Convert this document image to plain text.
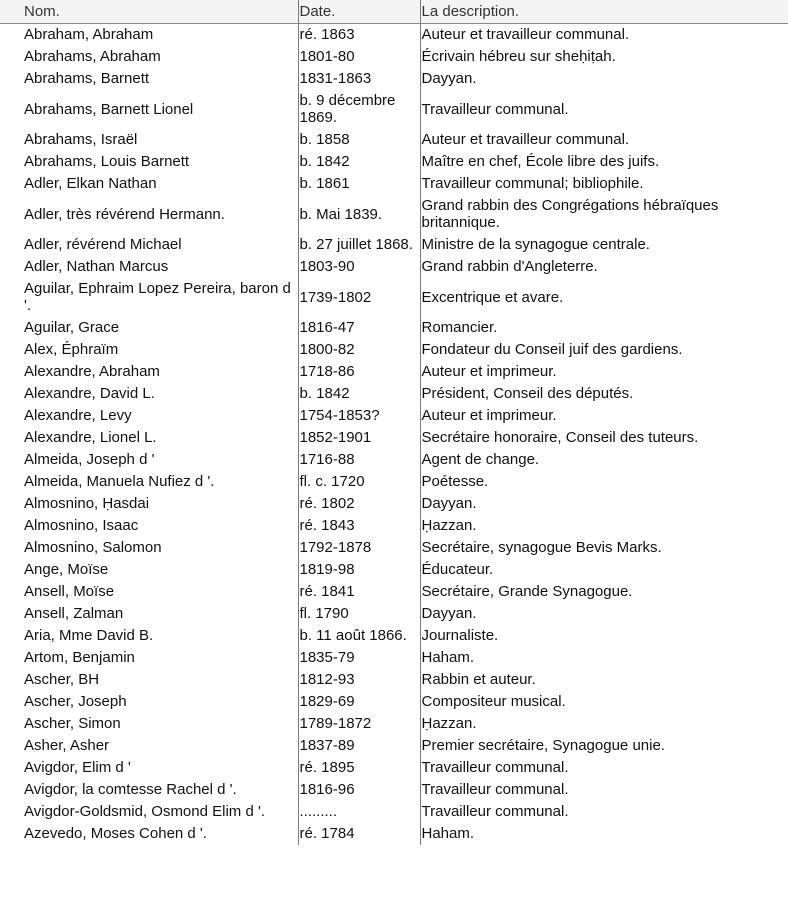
Nom.	Date.	La description.
Abraham, Abraham	ré. 1863	Auteur et travailleur communal.
Abrahams, Abraham	1801-80	Écrivain hébreu sur sheḥiṭah.
Abrahams, Barnett	1831-1863	Dayyan.
Abrahams, Barnett Lionel	b. 9 décembre 1869.	Travailleur communal.
Abrahams, Israël	b. 1858	Auteur et travailleur communal.
Abrahams, Louis Barnett	b. 1842	Maître en chef, École libre des juifs.
Adler, Elkan Nathan	b. 1861	Travailleur communal; bibliophile.
Adler, très révérend Hermann.	b. Mai 1839.	Grand rabbin des Congrégations hébraïques britannique.
Adler, révérend Michael	b. 27 juillet 1868.	Ministre de la synagogue centrale.
Adler, Nathan Marcus	1803-90	Grand rabbin d'Angleterre.
Aguilar, Ephraim Lopez Pereira, baron d '.	1739-1802	Excentrique et avare.
Aguilar, Grace	1816-47	Romancier.
Alex, Éphraïm	1800-82	Fondateur du Conseil juif des gardiens.
Alexandre, Abraham	1718-86	Auteur et imprimeur.
Alexandre, David L.	b. 1842	Président, Conseil des députés.
Alexandre, Levy	1754-1853?	Auteur et imprimeur.
Alexandre, Lionel L.	1852-1901	Secrétaire honoraire, Conseil des tuteurs.
Almeida, Joseph d '	1716-88	Agent de change.
Almeida, Manuela Nufiez d '.	fl. c. 1720	Poétesse.
Almosnino, Ḥasdai	ré. 1802	Dayyan.
Almosnino, Isaac	ré. 1843	Ḥazzan.
Almosnino, Salomon	1792-1878	Secrétaire, synagogue Bevis Marks.
Ange, Moïse	1819-98	Éducateur.
Ansell, Moïse	ré. 1841	Secrétaire, Grande Synagogue.
Ansell, Zalman	fl. 1790	Dayyan.
Aria, Mme David B.	b. 11 août 1866.	Journaliste.
Artom, Benjamin	1835-79	Haham.
Ascher, BH	1812-93	Rabbin et auteur.
Ascher, Joseph	1829-69	Compositeur musical.
Ascher, Simon	1789-1872	Ḥazzan.
Asher, Asher	1837-89	Premier secrétaire, Synagogue unie.
Avigdor, Elim d '	ré. 1895	Travailleur communal.
Avigdor, la comtesse Rachel d '.	1816-96	Travailleur communal.
Avigdor-Goldsmid, Osmond Elim d '.	.........	Travailleur communal.
Azevedo, Moses Cohen d '.	ré. 1784	Haham.
